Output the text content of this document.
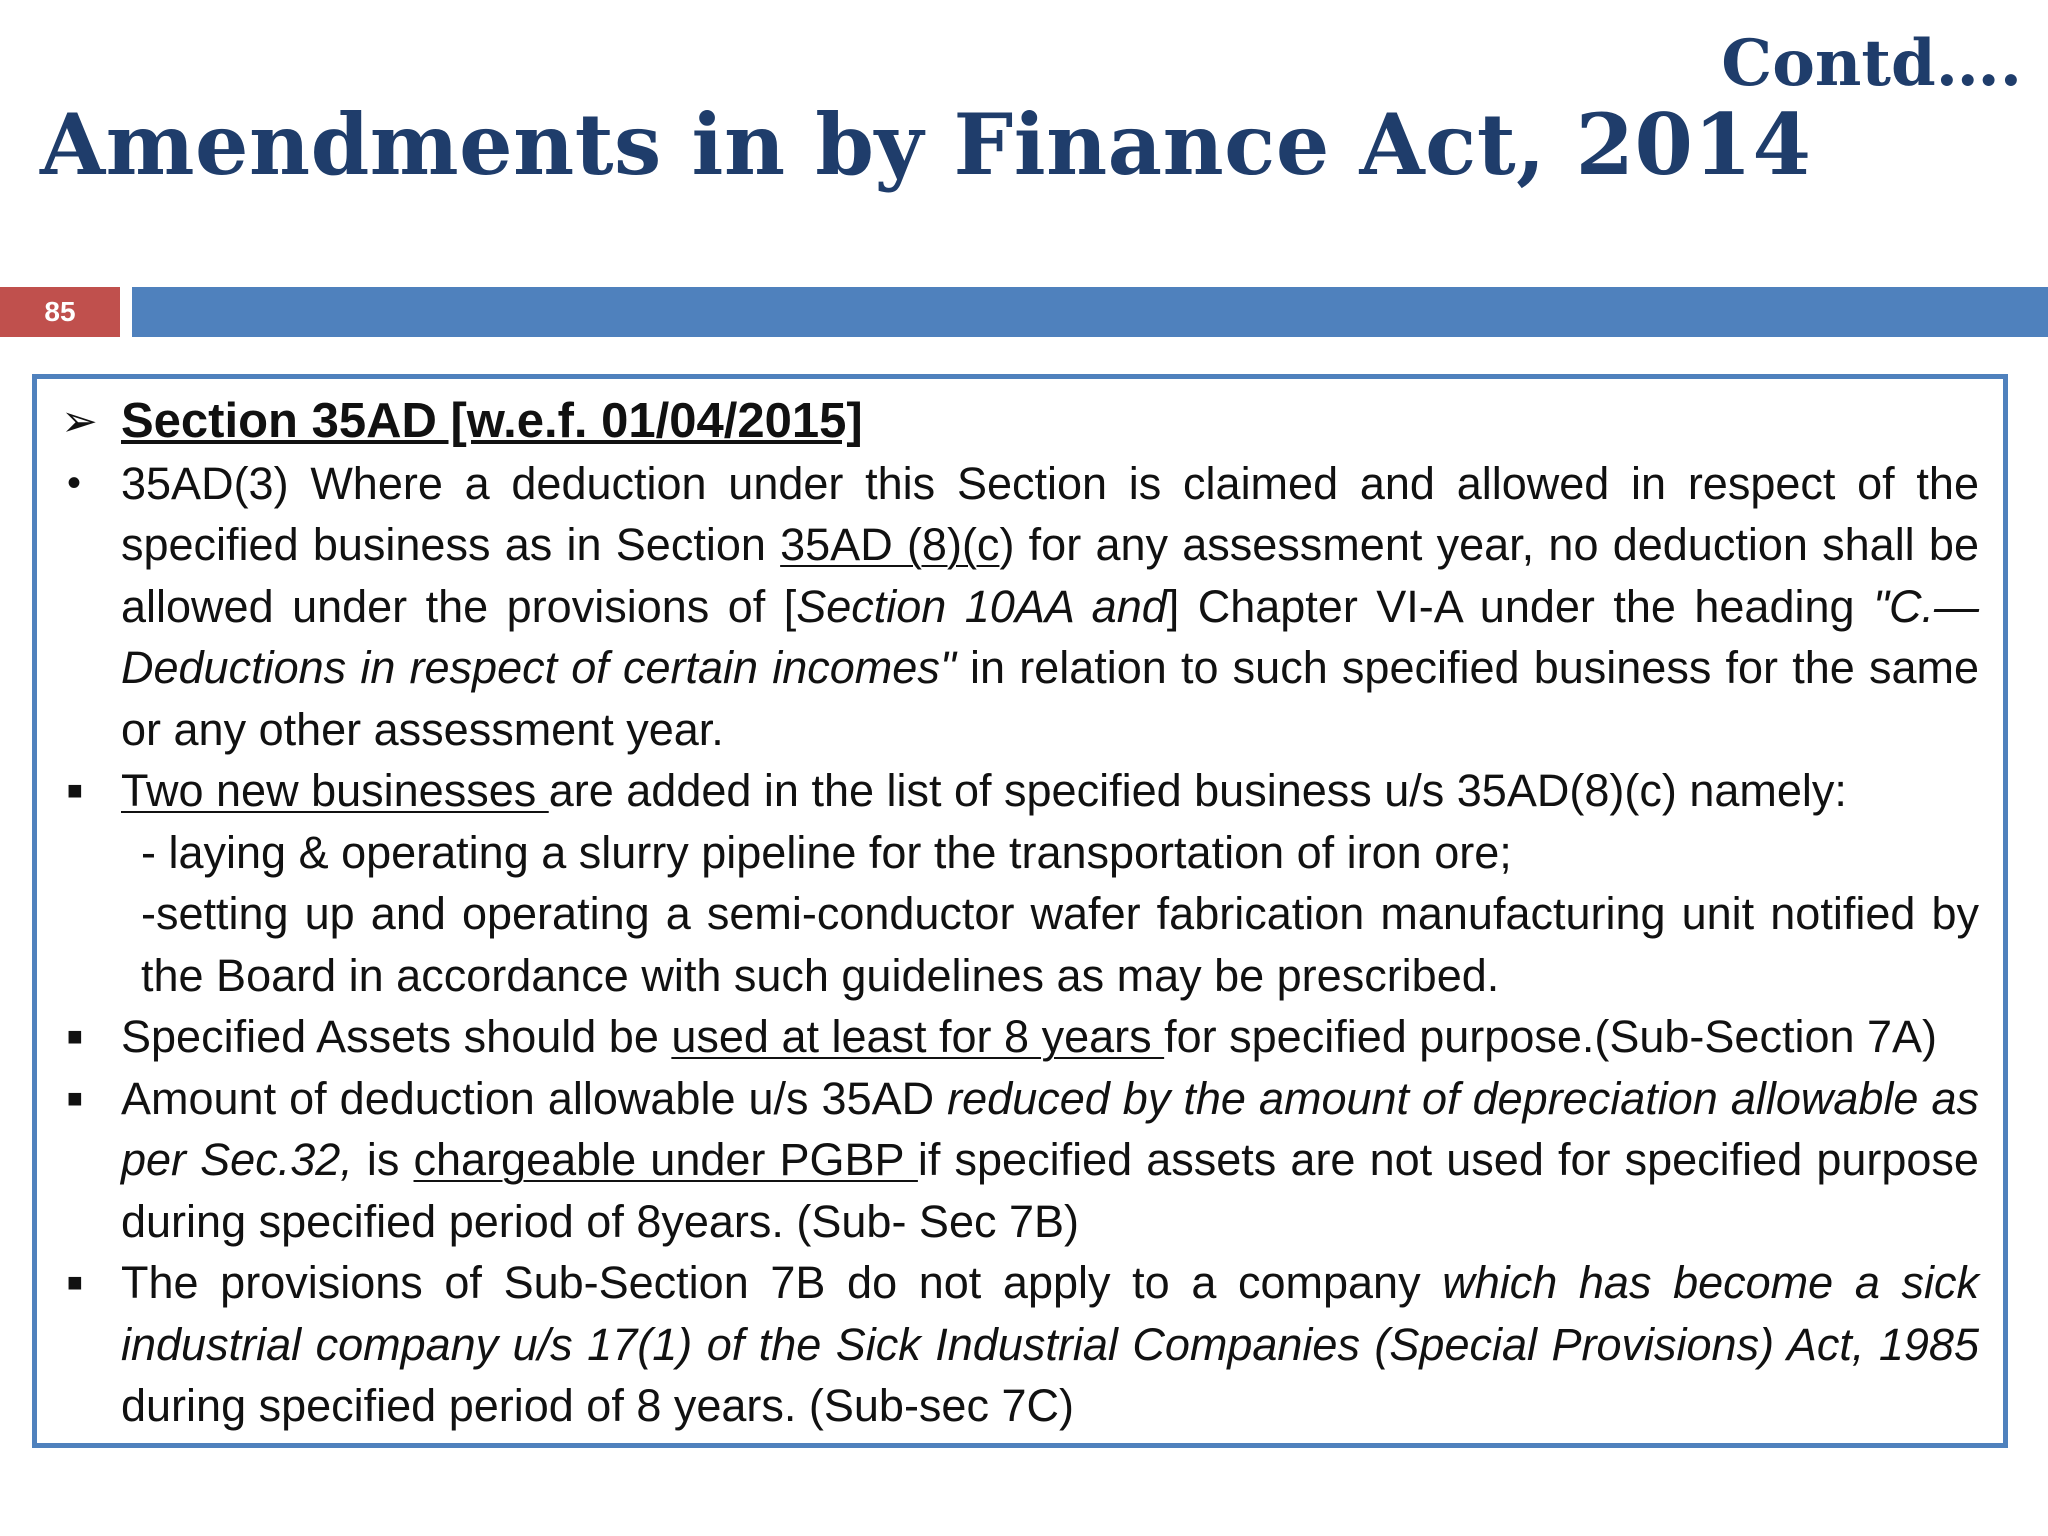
Contd….
Amendments in by Finance Act, 2014
85
➢ Section 35AD [w.e.f. 01/04/2015]
• 35AD(3) Where a deduction under this Section is claimed and allowed in respect of the specified business as in Section 35AD (8)(c) for any assessment year, no deduction shall be allowed under the provisions of [Section 10AA and] Chapter VI-A under the heading "C.—Deductions in respect of certain incomes" in relation to such specified business for the same or any other assessment year.
■ Two new businesses are added in the list of specified business u/s 35AD(8)(c) namely:
- laying & operating a slurry pipeline for the transportation of iron ore;
-setting up and operating a semi-conductor wafer fabrication manufacturing unit notified by the Board in accordance with such guidelines as may be prescribed.
■ Specified Assets should be used at least for 8 years for specified purpose.(Sub-Section 7A)
■ Amount of deduction allowable u/s 35AD reduced by the amount of depreciation allowable as per Sec.32, is chargeable under PGBP if specified assets are not used for specified purpose during specified period of 8years. (Sub- Sec 7B)
■ The provisions of Sub-Section 7B do not apply to a company which has become a sick industrial company u/s 17(1) of the Sick Industrial Companies (Special Provisions) Act, 1985 during specified period of 8 years. (Sub-sec 7C)
